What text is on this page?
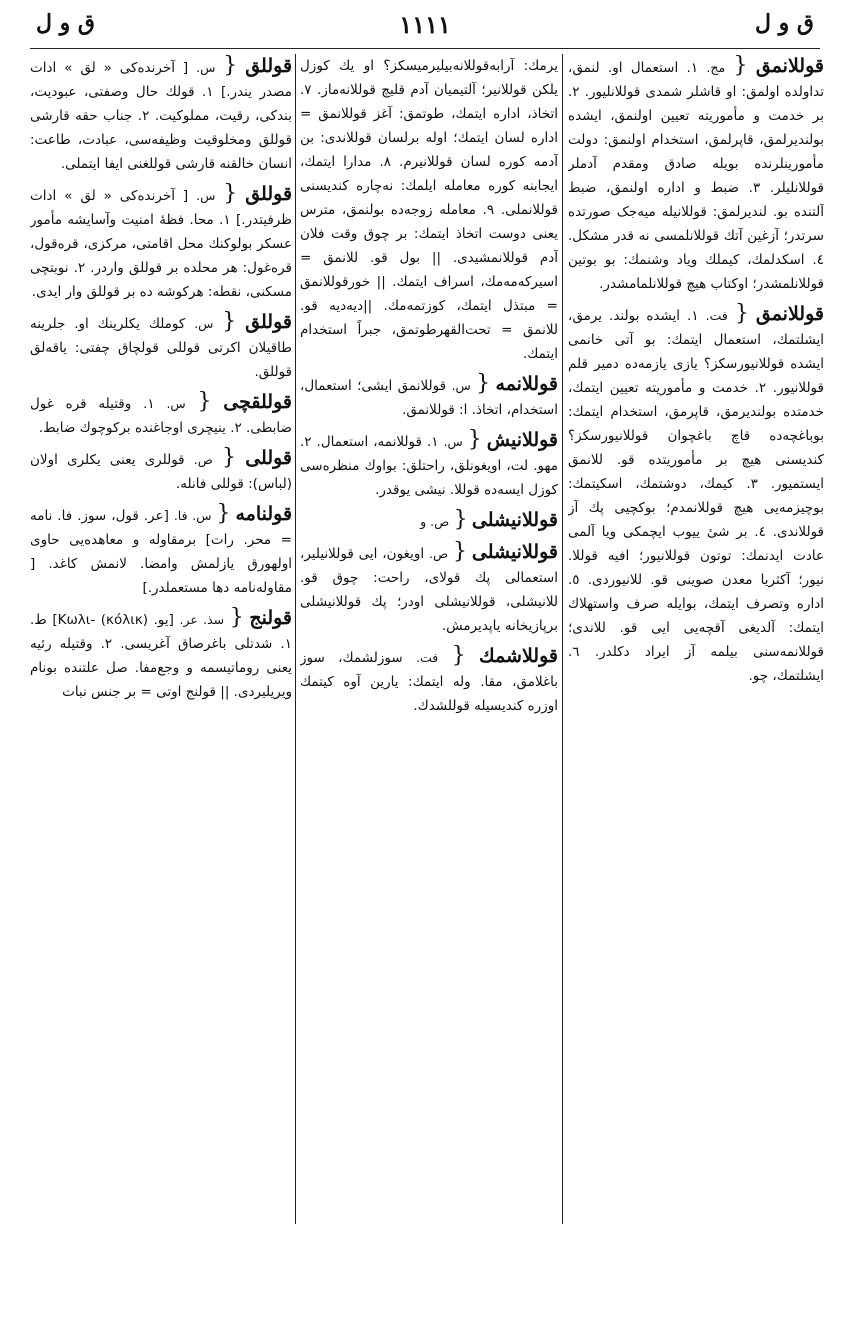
ق و ل	١١١١	ق و ل

قوللانمق { مج. ١. استعمال او. لنمق، تداولده اولمق: او قاشلر شمدی قوللانلیور. ٢. بر خدمت و مأموریته تعیین اولنمق، ایشده بولندیرلمق، قاپرلمق، استخدام اولنمق: دولت مأمورینلرنده بویله صادق ومقدم آدملر قوللانلیلر. ٣. ضبط و اداره اولنمق، ضبط آلتنده بو. لندیرلمق: قوللانیله میه‌جک صورتده سرتدر؛ آزغین آتك قوللانلمسی نه قدر مشکل. ٤. اسکدلمك، کیملك وياد وشنمك: بو بوتين قوللانلمشدر؛ اوكتاب هیچ قوللانلمامشدر.

قوللانمق { فت. ١. ایشده بولند. یرمق، ایشلتمك، استعمال ایتمك: بو آتی خانمی ایشده قوللانیورسکز؟ یازی یازمه‌ده دمیر قلم قوللانیور. ٢. خدمت و مأموریته تعیین ایتمك، خدمتده بولندیرمق، قاپرمق، استخدام ایتمك: بوباغچه‌ده قاچ باغچوان قوللانیورسکز؟ کندیسنی هیچ بر مأموریتده قو. للانمق ایستمیور. ٣. کیمك، دوشتمك، اسکیتمك: بوچیزمه‌یی هیچ قوللانمدم؛ بوکچیی پك آز قوللاندی. ٤. بر شیٔ یيوب ایچمکی ویا آلمی عادت ایدنمك: توتون قوللانیور؛ افیه قوللا. نیور؛ آکثریا معدن صوینی قو. للانیوردی. ٥. اداره وتصرف ایتمك، بوایله صرف واستهلاك ایتمك: آلدیغی آقچه‌یی ایی قو. للاندی؛ قوللانمه‌سنی بیلمه آز ایراد دکلدر. ٦. ایشلتمك، چو.

یرمك: آرابه‌قوللانه‌بیلیرمیسکز؟ او يك كوزل يلكن قوللانیر؛ آلتیمیان آدم قلیچ قوللانه‌ماز. ٧. اتخاذ، اداره ایتمك، طوتمق: آغز قوللانمق = اداره لسان ایتمك؛ اوله برلسان قوللاندی: بن آدمه كوره لسان قوللانیرم. ٨. مدارا ایتمك، ایجابنه كوره معامله ایلمك: نه‌چاره کندیسنی قوللانملی. ٩. معامله زوجه‌ده بولنمق، مترس یعنی دوست اتخاذ ایتمك: بر چوق وقت فلان آدم قوللانمشیدی. || بول قو. للانمق = اسیرکه‌مه‌مك، اسراف ایتمك. || خورقوللانمق = مبتذل ایتمك، کوزتمه‌مك. ||دیه‌دیه قو. للانمق = تحت‌القهرطوتمق، جبراً استخدام ایتمك.

قوللانمه { س. قوللانمق ایشی؛ استعمال، استخدام، اتخاذ. ا: قوللانمق.

قوللانیش { س. ١. قوللانمه، استعمال. ٢. مهو. لت، اویغونلق، راحتلق: بواوك منظره‌سی كوزل ایسه‌ده قوللا. نیشی یوقدر.

قوللانیشلی { ص. و

قوللانیشلی { ص. اویغون، ایی قوللانیلیر، استعمالی پك قولای، راحت: چوق قو. للانیشلی، قوللانیشلی اودر؛ پك قوللانیشلی برپازیخانه یاپدیرمش.

قوللاشمك { فت. سوزلشمك، سوز باغلامق، مقا. وله ایتمك: یارین آوه کیتمك اوزره کندیسیله قوللشدك.

قوللق { س. [ آخرنده‌کی « لق » ادات مصدر یندر.] ١. قولك حال وصفتی، عبودیت، بندکی، رقیت، مملوکیت. ٢. جناب حقه قارشی قوللق ومخلوقیت وظیفه‌سی، عبادت، طاعت: انسان خالقنه قارشی قوللغنی ايفا ایتملی.

قوللق { س. [ آخرنده‌کی « لق » ادات ظرفیتدر.] ١. محا. فظهٔ امنیت وآسایشه مأمور عسکر بولوکنك محل اقامتی، مرکزی، قره‌قول، قره‌غول: هر محلده بر قوللق واردر. ٢. نوبتچی مسکنی، نقطه: هرکوشه ده بر قوللق وار ایدی.

قوللق { س. كوملك يكلرينك او. جلرینه طاقیلان اکرتی قوللی قولچاق چفتی: یاقه‌لق قوللق.

قوللقچی { س. ١. وقتیله قره غول ضابطی. ٢. ینیچری اوجاغنده برکوچوك ضابط.

قوللی { ص. قوللری یعنی یکلری اولان (لباس): قوللی فانله.

قولنامه { س. فا. [عر. قول، سوز. فا. نامه = محر. رات] برمقاوله و معاهده‌یی حاوی اولهورق یازلمش وامضا. لانمش کاغد. [ مقاوله‌نامه دها مستعملدر.]

قولنج { سذ. عر. [یو. Κωλι- (κόλικ)] ط. ١. شدتلی باغرصاق آغریسی. ٢. وقتیله رئیه یعنی روماتیسمه و وجع‌مفا. صل علتنده بونام ویریلیردی. || قولنج اوتی = بر جنس نبات
